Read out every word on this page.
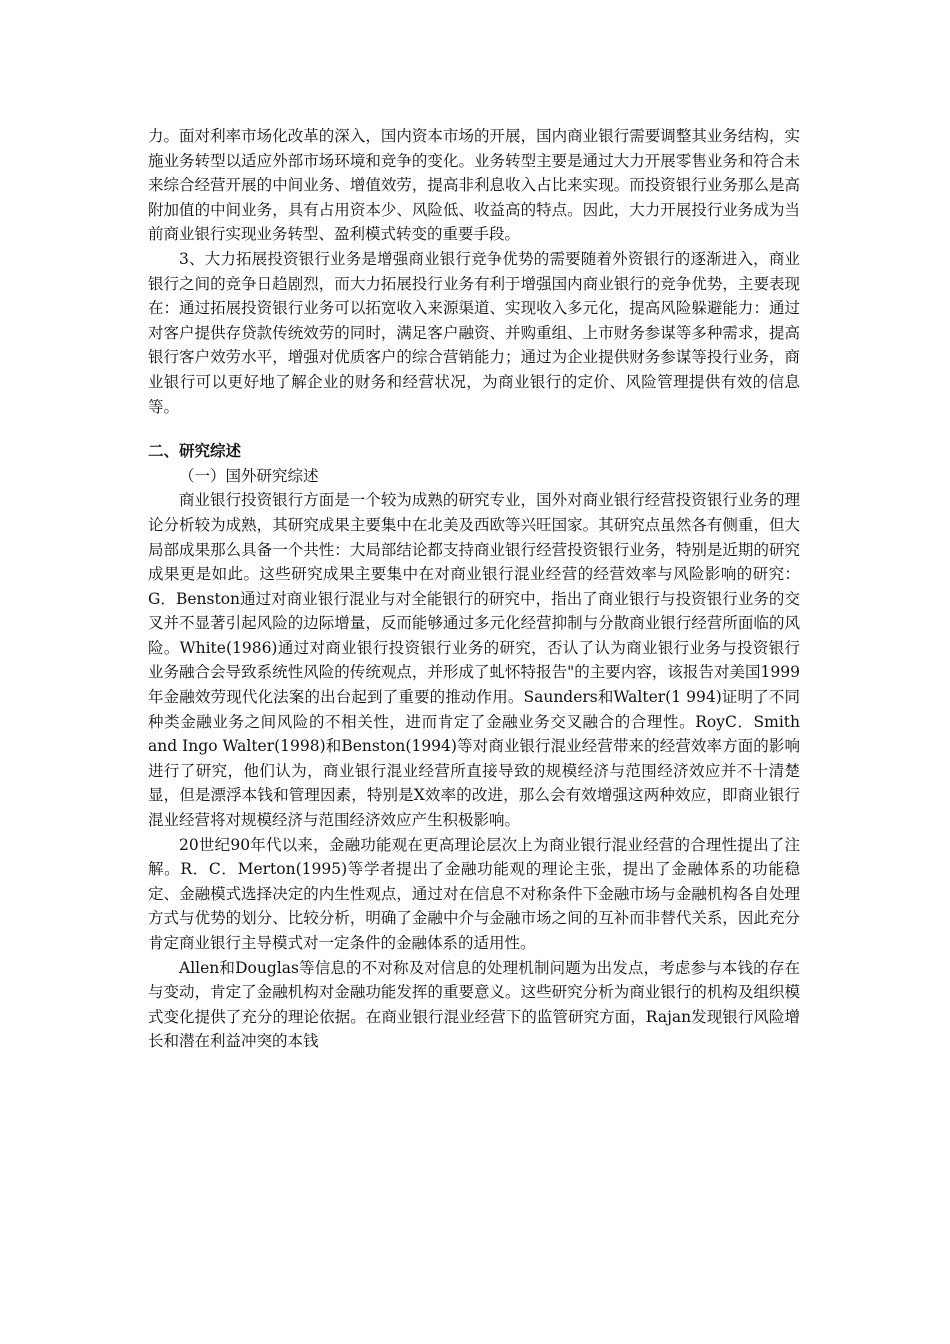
力。面对利率市场化改革的深入，国内资本市场的开展，国内商业银行需要调整其业务结构，实施业务转型以适应外部市场环境和竞争的变化。业务转型主要是通过大力开展零售业务和符合未来综合经营开展的中间业务、增值效劳，提高非利息收入占比来实现。而投资银行业务那么是高附加值的中间业务，具有占用资本少、风险低、收益高的特点。因此，大力开展投行业务成为当前商业银行实现业务转型、盈利模式转变的重要手段。

3、大力拓展投资银行业务是增强商业银行竞争优势的需要随着外资银行的逐渐进入，商业银行之间的竞争日趋剧烈，而大力拓展投行业务有利于增强国内商业银行的竞争优势，主要表现在：通过拓展投资银行业务可以拓宽收入来源渠道、实现收入多元化，提高风险躲避能力：通过对客户提供存贷款传统效劳的同时，满足客户融资、并购重组、上市财务参谋等多种需求，提高银行客户效劳水平，增强对优质客户的综合营销能力；通过为企业提供财务参谋等投行业务，商业银行可以更好地了解企业的财务和经营状况，为商业银行的定价、风险管理提供有效的信息等。

二、研究综述

（一）国外研究综述

商业银行投资银行方面是一个较为成熟的研究专业，国外对商业银行经营投资银行业务的理论分析较为成熟，其研究成果主要集中在北美及西欧等兴旺国家。其研究点虽然各有侧重，但大局部成果那么具备一个共性：大局部结论都支持商业银行经营投资银行业务，特别是近期的研究成果更是如此。这些研究成果主要集中在对商业银行混业经营的经营效率与风险影响的研究：G．Benston通过对商业银行混业与对全能银行的研究中，指出了商业银行与投资银行业务的交叉并不显著引起风险的边际增量，反而能够通过多元化经营抑制与分散商业银行经营所面临的风险。White(1986)通过对商业银行投资银行业务的研究，否认了认为商业银行业务与投资银行业务融合会导致系统性风险的传统观点，并形成了虬怀特报告"的主要内容，该报告对美国1999年金融效劳现代化法案的出台起到了重要的推动作用。Saunders和Walter(1 994)证明了不同种类金融业务之间风险的不相关性，进而肯定了金融业务交叉融合的合理性。RoyC．Smith and Ingo Walter(1998)和Benston(1994)等对商业银行混业经营带来的经营效率方面的影响进行了研究，他们认为，商业银行混业经营所直接导致的规模经济与范围经济效应并不十清楚显，但是漂浮本钱和管理因素，特别是X效率的改进，那么会有效增强这两种效应，即商业银行混业经营将对规模经济与范围经济效应产生积极影响。

20世纪90年代以来，金融功能观在更高理论层次上为商业银行混业经营的合理性提出了注解。R．C．Merton(1995)等学者提出了金融功能观的理论主张，提出了金融体系的功能稳定、金融模式选择决定的内生性观点，通过对在信息不对称条件下金融市场与金融机构各自处理方式与优势的划分、比较分析，明确了金融中介与金融市场之间的互补而非替代关系，因此充分肯定商业银行主导模式对一定条件的金融体系的适用性。

Allen和Douglas等信息的不对称及对信息的处理机制问题为出发点，考虑参与本钱的存在与变动，肯定了金融机构对金融功能发挥的重要意义。这些研究分析为商业银行的机构及组织模式变化提供了充分的理论依据。在商业银行混业经营下的监管研究方面，Rajan发现银行风险增长和潜在利益冲突的本钱
